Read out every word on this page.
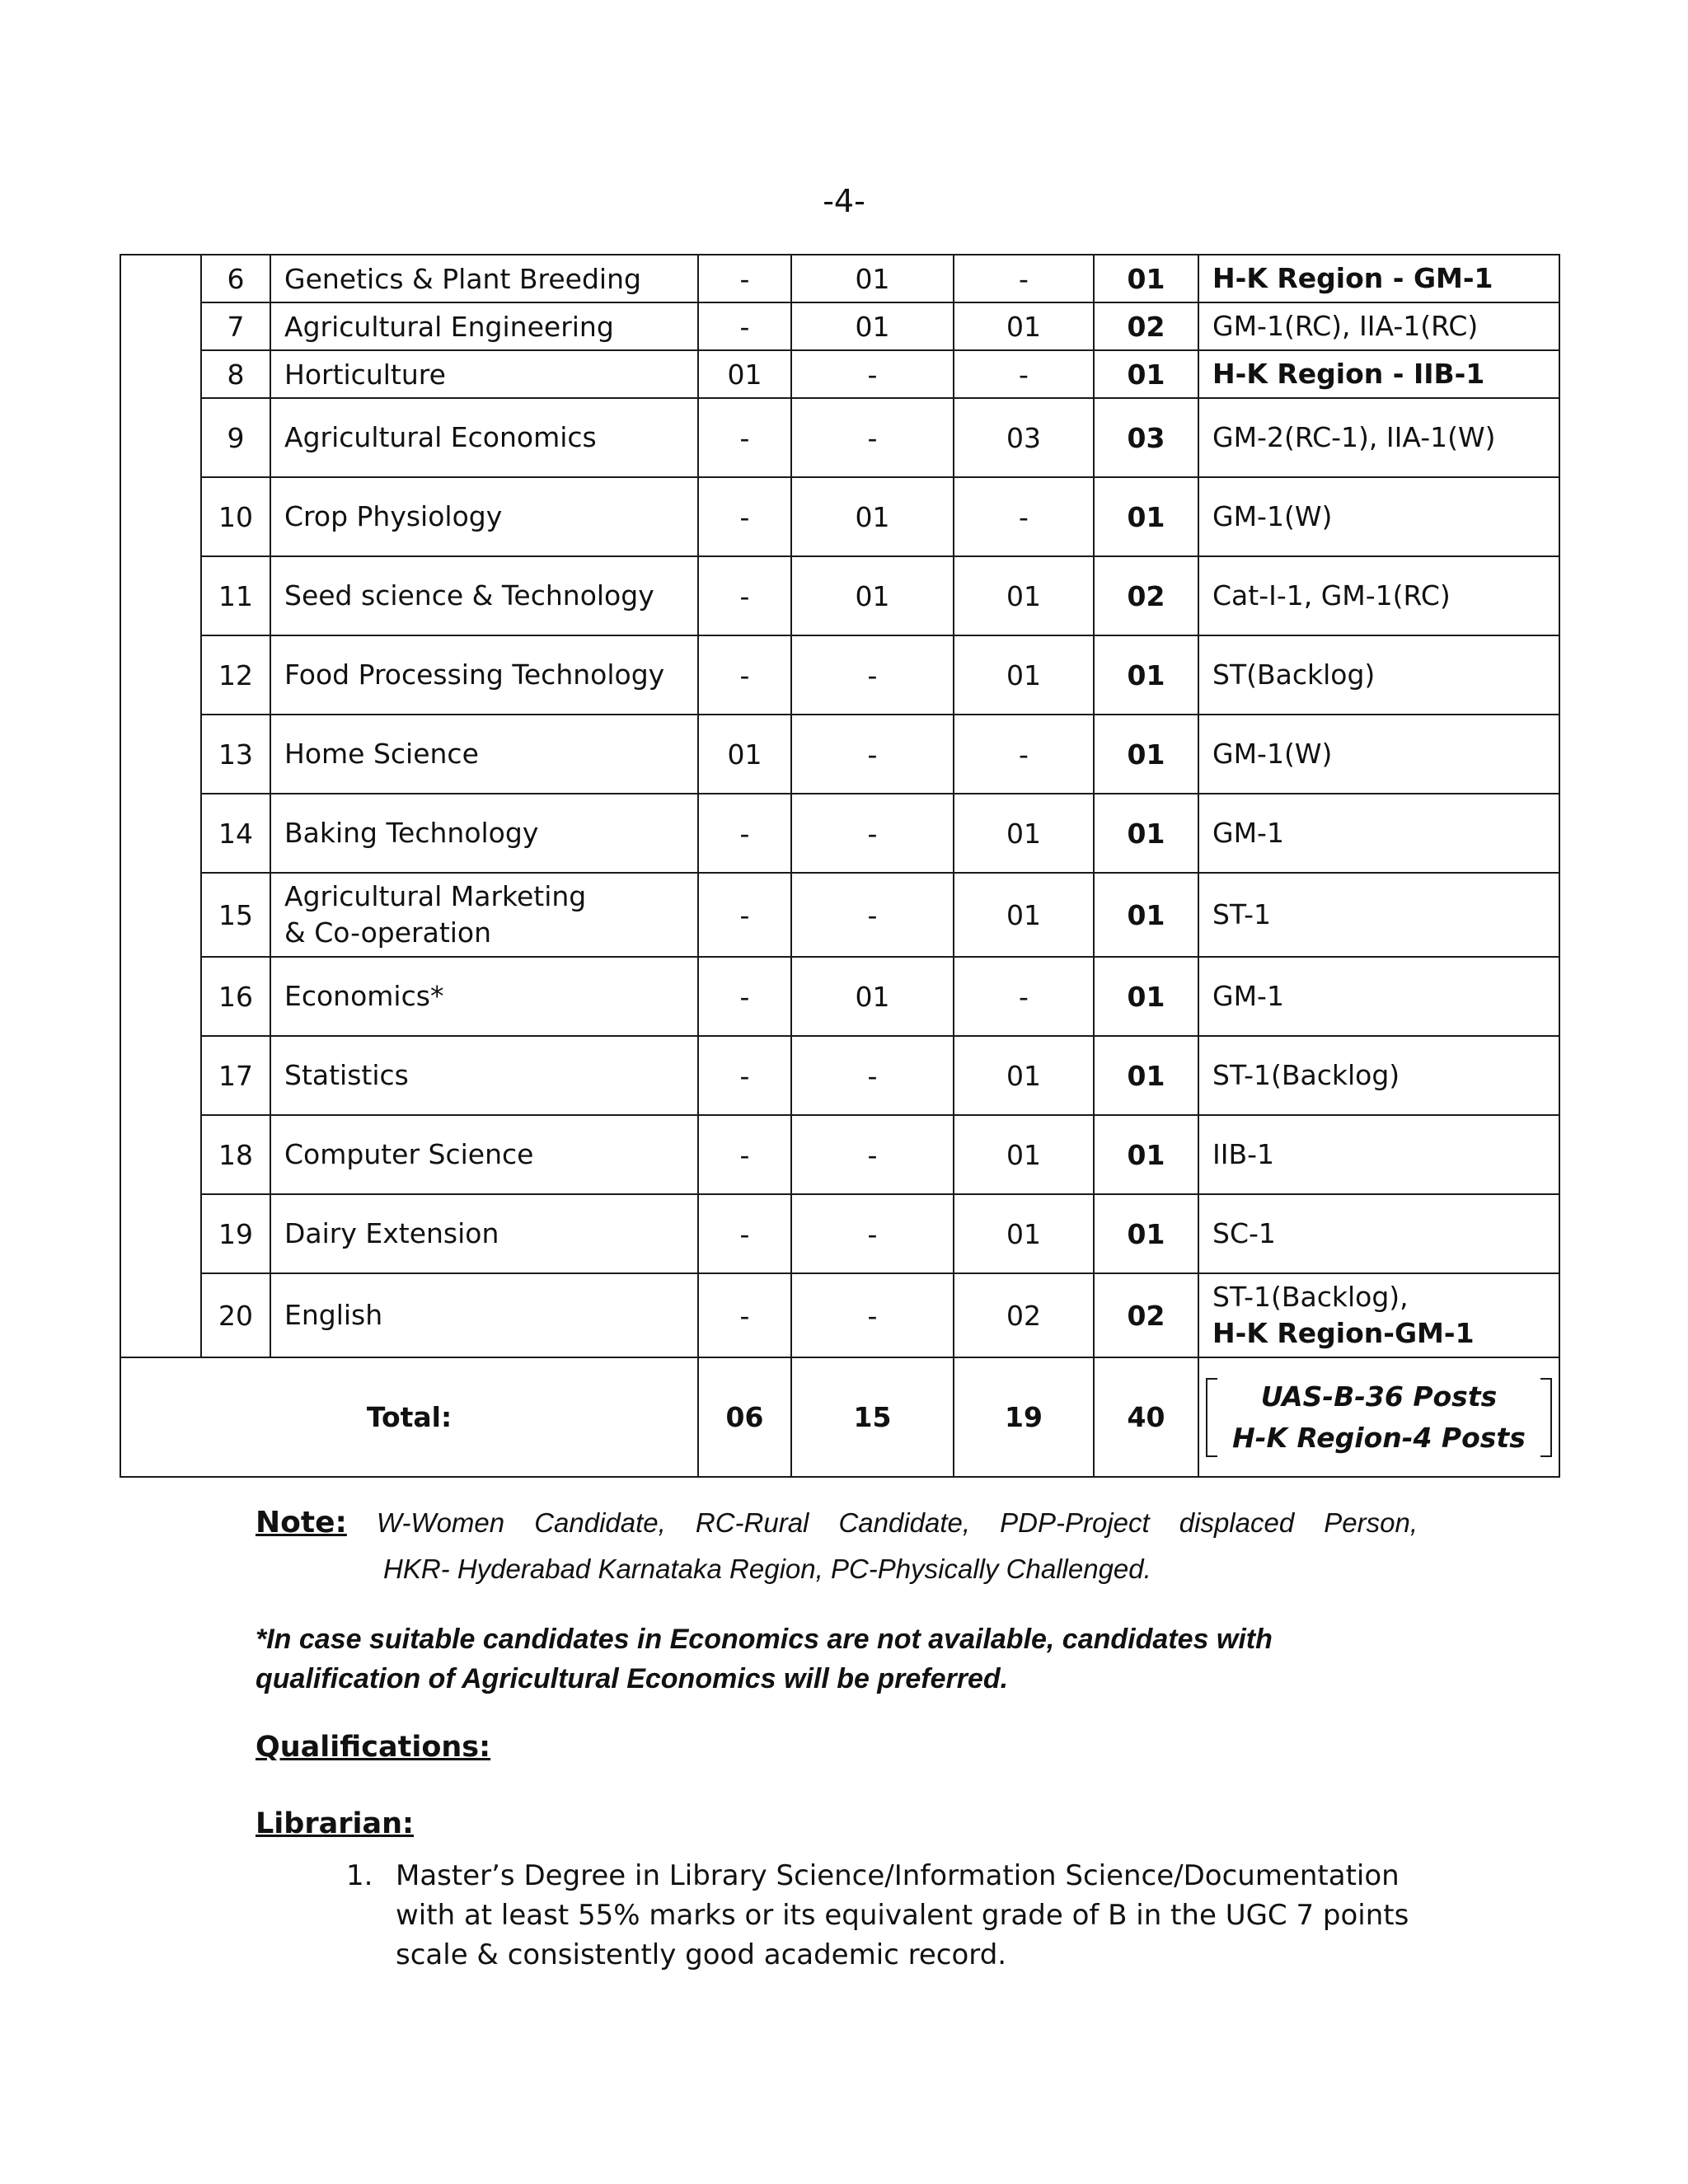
-4-
	6	Genetics & Plant Breeding	-	01	-	01	H-K Region - GM-1

	7	Agricultural Engineering	-	01	01	02	GM-1(RC), IIA-1(RC)

	8	Horticulture	01	-	-	01	H-K Region - IIB-1

	9	Agricultural Economics	-	-	03	03	GM-2(RC-1), IIA-1(W)

	10	Crop Physiology	-	01	-	01	GM-1(W)

	11	Seed science & Technology	-	01	01	02	Cat-I-1, GM-1(RC)

	12	Food Processing Technology	-	-	01	01	ST(Backlog)

	13	Home Science	01	-	-	01	GM-1(W)

	14	Baking Technology	-	-	01	01	GM-1

	15	Agricultural Marketing
& Co-operation	-	-	01	01	ST-1

	16	Economics*	-	01	-	01	GM-1

	17	Statistics	-	-	01	01	ST-1(Backlog)

	18	Computer Science	-	-	01	01	IIB-1

	19	Dairy Extension	-	-	01	01	SC-1

	20	English	-	-	02	02	ST-1(Backlog),
H-K Region-GM-1

Total:			06	15	19	40	UAS-B-36 Posts
H-K Region-4 Posts
Note: W-Women Candidate, RC-Rural Candidate, PDP-Project displaced Person,
HKR- Hyderabad Karnataka Region, PC-Physically Challenged.
*In case suitable candidates in Economics are not available, candidates with qualification of Agricultural Economics will be preferred.
Qualifications:
Librarian:
1. Master’s Degree in Library Science/Information Science/Documentation with at least 55% marks or its equivalent grade of B in the UGC 7 points scale & consistently good academic record.
